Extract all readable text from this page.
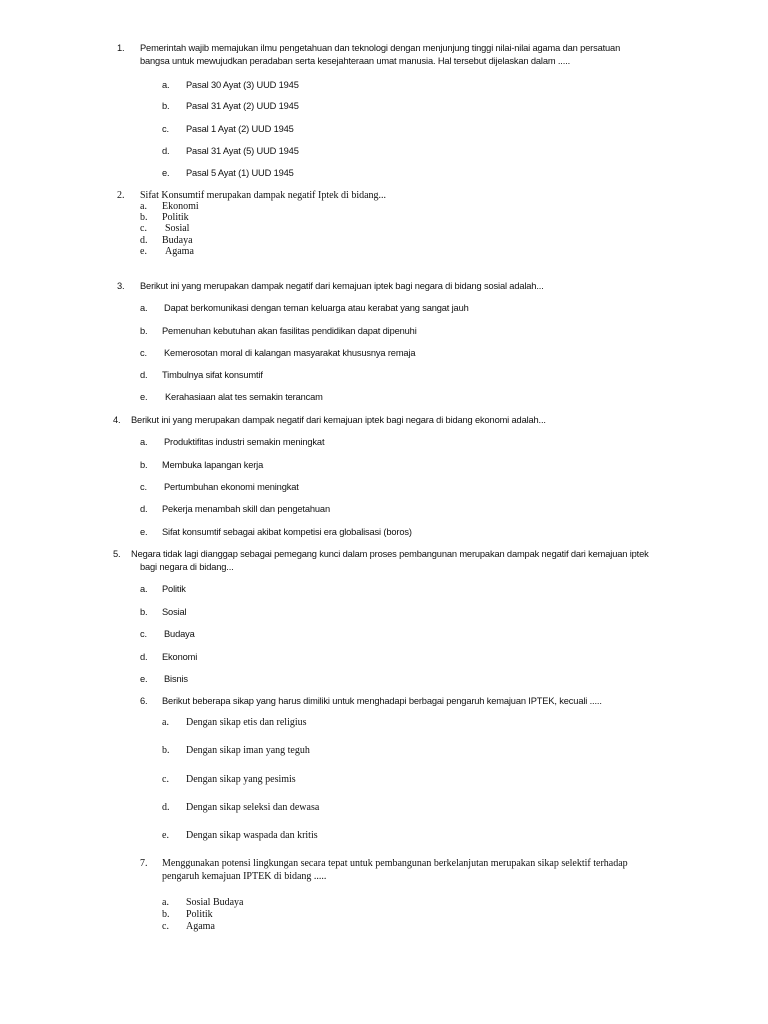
1. Pemerintah wajib memajukan ilmu pengetahuan dan teknologi dengan menjunjung tinggi nilai-nilai agama dan persatuan
bangsa untuk mewujudkan peradaban serta kesejahteraan umat manusia. Hal tersebut dijelaskan dalam .....
a. Pasal 30 Ayat (3) UUD 1945
b. Pasal 31 Ayat (2) UUD 1945
c. Pasal 1 Ayat (2) UUD 1945
d. Pasal 31 Ayat (5) UUD 1945
e. Pasal 5 Ayat (1) UUD 1945
2. Sifat Konsumtif merupakan dampak negatif Iptek di bidang...
a. Ekonomi
b. Politik
c. Sosial
d. Budaya
e. Agama
3. Berikut ini yang merupakan dampak negatif dari kemajuan iptek bagi negara di bidang sosial adalah...
a. Dapat berkomunikasi dengan teman keluarga atau kerabat yang sangat jauh
b. Pemenuhan kebutuhan akan fasilitas pendidikan dapat dipenuhi
c. Kemerosotan moral di kalangan masyarakat khususnya remaja
d. Timbulnya sifat konsumtif
e. Kerahasiaan alat tes semakin terancam
4. Berikut ini yang merupakan dampak negatif dari kemajuan iptek bagi negara di bidang ekonomi adalah...
a. Produktifitas industri semakin meningkat
b. Membuka lapangan kerja
c. Pertumbuhan ekonomi meningkat
d. Pekerja menambah skill dan pengetahuan
e. Sifat konsumtif sebagai akibat kompetisi era globalisasi (boros)
5. Negara tidak lagi dianggap sebagai pemegang kunci dalam proses pembangunan merupakan dampak negatif dari kemajuan iptek
bagi negara di bidang...
a. Politik
b. Sosial
c. Budaya
d. Ekonomi
e. Bisnis
6. Berikut beberapa sikap yang harus dimiliki untuk menghadapi berbagai pengaruh kemajuan IPTEK, kecuali .....
a. Dengan sikap etis dan religius
b. Dengan sikap iman yang teguh
c. Dengan sikap yang pesimis
d. Dengan sikap seleksi dan dewasa
e. Dengan sikap waspada dan kritis
7. Menggunakan potensi lingkungan secara tepat untuk pembangunan berkelanjutan merupakan sikap selektif terhadap
pengaruh kemajuan IPTEK di bidang .....
a. Sosial Budaya
b. Politik
c. Agama
